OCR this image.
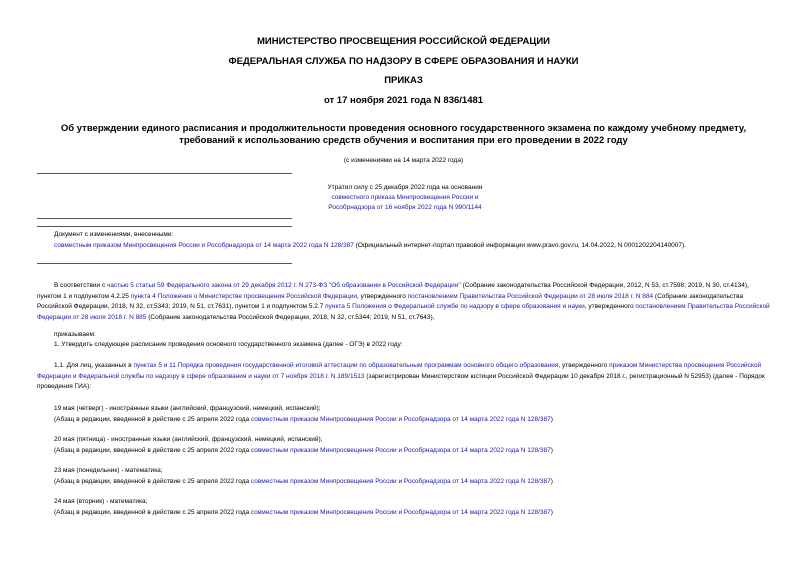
МИНИСТЕРСТВО ПРОСВЕЩЕНИЯ РОССИЙСКОЙ ФЕДЕРАЦИИ
ФЕДЕРАЛЬНАЯ СЛУЖБА ПО НАДЗОРУ В СФЕРЕ ОБРАЗОВАНИЯ И НАУКИ
ПРИКАЗ
от 17 ноября 2021 года N 836/1481
Об утверждении единого расписания и продолжительности проведения основного государственного экзамена по каждому учебному предмету, требований к использованию средств обучения и воспитания при его проведении в 2022 году
(с изменениями на 14 марта 2022 года)
Утратил силу с 25 декабря 2022 года на основании
совместного приказа Минпросвещения России и
Рособрнадзора от 16 ноября 2022 года N 990/1144
Документ с изменениями, внесенными:
совместным приказом Минпросвещения России и Рособрнадзора от 14 марта 2022 года N 128/387 (Официальный интернет-портал правовой информации www.pravo.gov.ru, 14.04.2022, N 0001202204140007).
В соответствии с частью 5 статьи 59 Федерального закона от 29 декабря 2012 г. N 273-ФЗ "Об образовании в Российской Федерации" (Собрание законодательства Российской Федерации, 2012, N 53, ст.7598; 2019, N 30, ст.4134), пунктом 1 и подпунктом 4.2.25 пункта 4 Положения о Министерстве просвещения Российской Федерации, утвержденного постановлением Правительства Российской Федерации от 28 июля 2018 г. N 884 (Собрание законодательства Российской Федерации, 2018, N 32, ст.5343; 2019, N 51, ст.7631), пунктом 1 и подпунктом 5.2.7 пункта 5 Положения о Федеральной службе по надзору в сфере образования и науки, утвержденного постановлением Правительства Российской Федерации от 28 июля 2018 г. N 885 (Собрание законодательства Российской Федерации, 2018, N 32, ст.5344; 2019, N 51, ст.7643),
приказываем:
1. Утвердить следующее расписание проведения основного государственного экзамена (далее - ОГЭ) в 2022 году:
1.1. Для лиц, указанных в пунктах 5 и 11 Порядка проведения государственной итоговой аттестации по образовательным программам основного общего образования, утвержденного приказом Министерства просвещения Российской Федерации и Федеральной службы по надзору в сфере образования и науки от 7 ноября 2018 г. N 189/1513 (зарегистрирован Министерством юстиции Российской Федерации 10 декабря 2018 г., регистрационный N 52953) (далее - Порядок проведения ГИА):
19 мая (четверг) - иностранные языки (английский, французский, немецкий, испанский);
(Абзац в редакции, введенной в действие с 25 апреля 2022 года совместным приказом Минпросвещения России и Рособрнадзора от 14 марта 2022 года N 128/387)
20 мая (пятница) - иностранные языки (английский, французский, немецкий, испанский);
(Абзац в редакции, введенной в действие с 25 апреля 2022 года совместным приказом Минпросвещения России и Рособрнадзора от 14 марта 2022 года N 128/387)
23 мая (понедельник) - математика;
(Абзац в редакции, введенной в действие с 25 апреля 2022 года совместным приказом Минпросвещения России и Рособрнадзора от 14 марта 2022 года N 128/387)
24 мая (вторник) - математика;
(Абзац в редакции, введенной в действие с 25 апреля 2022 года совместным приказом Минпросвещения России и Рособрнадзора от 14 марта 2022 года N 128/387)
